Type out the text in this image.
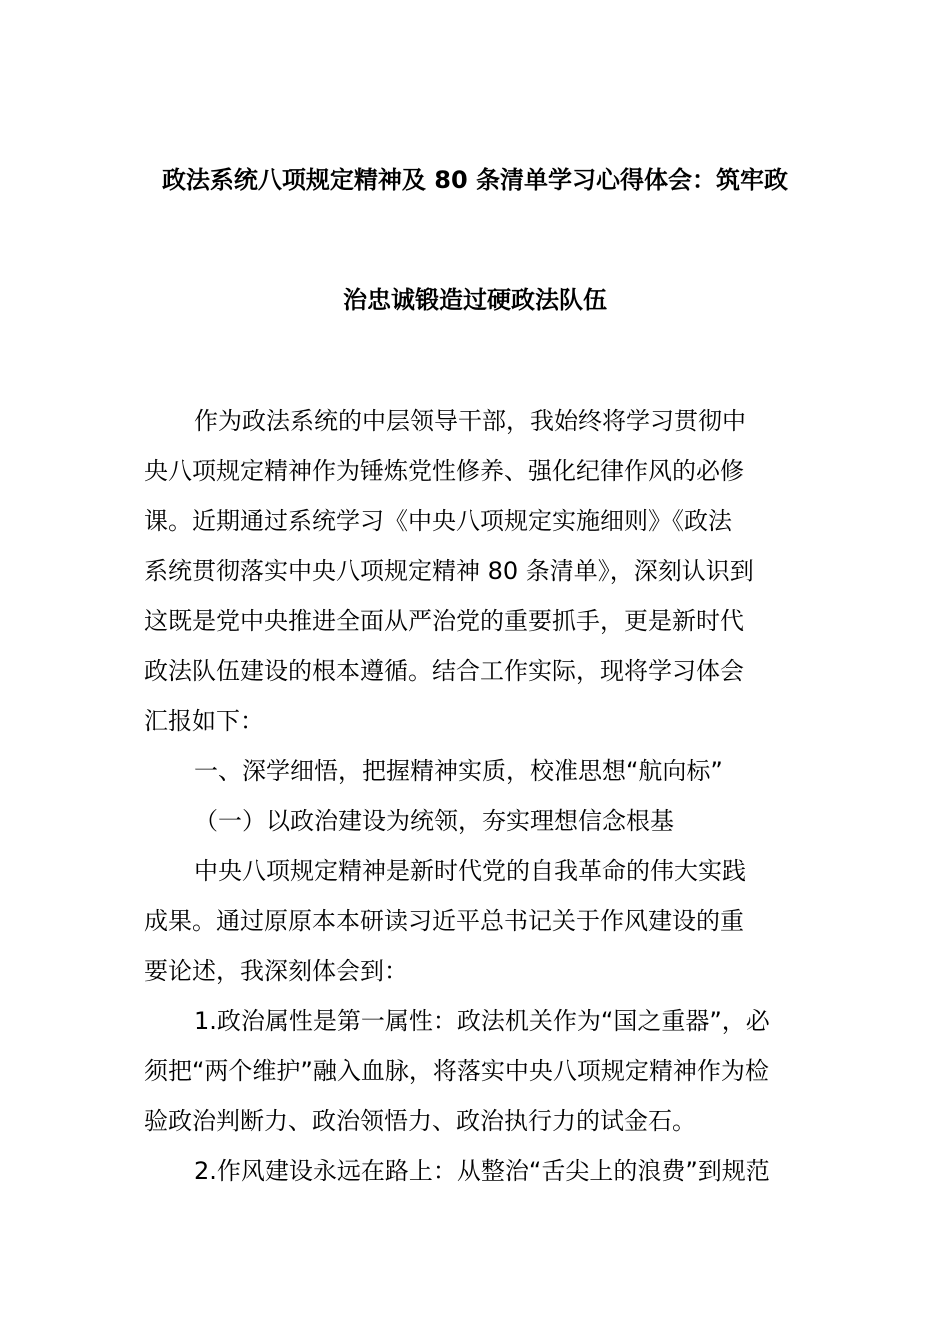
政法系统八项规定精神及 80 条清单学习心得体会：筑牢政
治忠诚锻造过硬政法队伍
作为政法系统的中层领导干部，我始终将学习贯彻中
央八项规定精神作为锤炼党性修养、强化纪律作风的必修
课。近期通过系统学习《中央八项规定实施细则》《政法
系统贯彻落实中央八项规定精神 80 条清单》，深刻认识到
这既是党中央推进全面从严治党的重要抓手，更是新时代
政法队伍建设的根本遵循。结合工作实际，现将学习体会
汇报如下：
一、深学细悟，把握精神实质，校准思想“航向标”
（一）以政治建设为统领，夯实理想信念根基
中央八项规定精神是新时代党的自我革命的伟大实践
成果。通过原原本本研读习近平总书记关于作风建设的重
要论述，我深刻体会到：
1.政治属性是第一属性：政法机关作为“国之重器”，必
须把“两个维护”融入血脉，将落实中央八项规定精神作为检
验政治判断力、政治领悟力、政治执行力的试金石。
2.作风建设永远在路上：从整治“舌尖上的浪费”到规范
